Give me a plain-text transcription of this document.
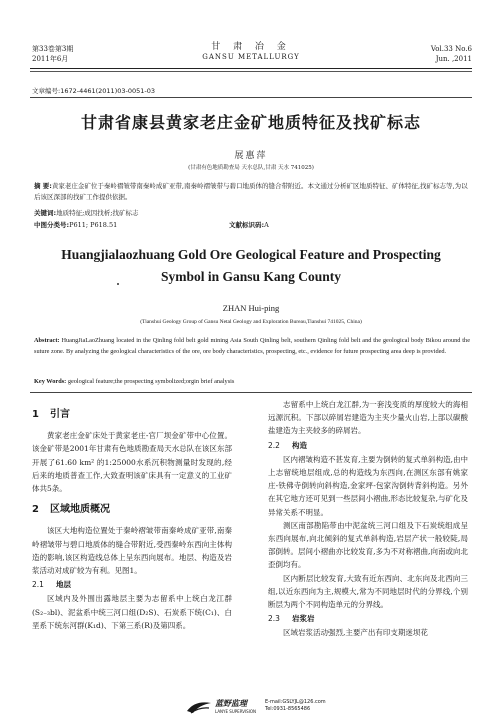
第33卷第3期
2011年6月
甘 肃 冶 金
GANSU METALLURGY
Vol.33 No.6
Jun. ,2011
文章编号:1672-4461(2011)03-0051-03
甘肃省康县黄家老庄金矿地质特征及找矿标志
展惠萍
(甘肃有色地质勘查局 天水总队,甘肃 天水 741025)
摘 要:黄家老庄金矿位于秦岭褶皱带南秦岭成矿亚带,南秦岭褶皱带与碧口地质体的缝合带附近。本文通过分析矿区地质特征、矿体特征,找矿标志等,为以后该区深部的找矿工作提供依据。
关键词:地质特征;成因找析;找矿标志
中图分类号:P611; P618.51	文献标识码:A
Huangjialaozhuang Gold Ore Geological Feature and Prospecting
Symbol in Gansu Kang County
ZHAN Hui-ping
(Tianshui Geology Group of Gansu Netal Geology and Exploration Bureau,Tianshui 741025, China)
Abstract: HuangJiaLaoZhuang located in the Qinling fold belt gold mining Asia South Qinling belt, southern Qinling fold belt and the geological body Bikou around the suture zone. By analyzing the geological characteristics of the ore, ore body characteristics, prospecting, etc., evidence for future prospecting area deep is provided.
Key Words: geological feature;the prospecting symbolized;orgin brief analysis
1 引言

黄家老庄金矿床处于黄家老庄-官厂坝金矿带中心位置。该金矿带是2001年甘肃有色地质勘查局天水总队在该区东部开展了61.60 km² 的1:25000水系沉积物测量时发现的,经后来的地质普查工作,大致查明该矿床具有一定意义的工业矿体共5条。

2 区域地质概况

该区大地构造位置处于秦岭褶皱带南秦岭成矿亚带,南秦岭褶皱带与碧口地质体的缝合带附近,受西秦岭东西向主体构造的影响,该区构造线总体上呈东西向展布。地层、构造及岩浆活动对成矿较为有利。见图1。

2.1 地层

区域内及外围出露地层主要为志留系中上统白龙江群(S₂₋₃bl)、泥盆系中统三河口组(D₂S)、石炭系下统(C₁)、白垩系下统东河群(K₁d)、下第三系(R)及第四系。

志留系中上统白龙江群,为一套浅变质的厚度较大的海相远源沉积。下部以碎屑岩建造为主夹少量火山岩,上部以碳酸盐建造为主夹较多的碎屑岩。

2.2 构造

区内褶皱构造不甚发育,主要为倒转的复式单斜构造,由中上志留统地层组成,总的构造线为东西向,在测区东部有姚家庄-铁佛寺倒转向斜构造,金家坪-包家沟倒转背斜构造。另外在其它地方还可见到一些层间小褶曲,形态比较复杂,与矿化及异常关系不明显。

测区南部勘陷带由中泥盆统三河口组及下石炭统组成呈东西向展布,向北倾斜的复式单斜构造,岩层产状一般较陡,局部倒转。层间小褶曲亦比较发育,多为不对称褶曲,向南或向北歪倒均有。

区内断层比较发育,大致有近东西向、北东向及北西向三组,以近东西向为主,规模大,常为不同地层时代的分界线,个别断层为两个不同构造单元的分界线。

2.3 岩浆岩

区域岩浆活动强烈,主要产出有印支期迷坝花

蓝野监理
LANYE SUPERVISION
E-mail:GSLYJL@126.com
Tel:0931-8565486
